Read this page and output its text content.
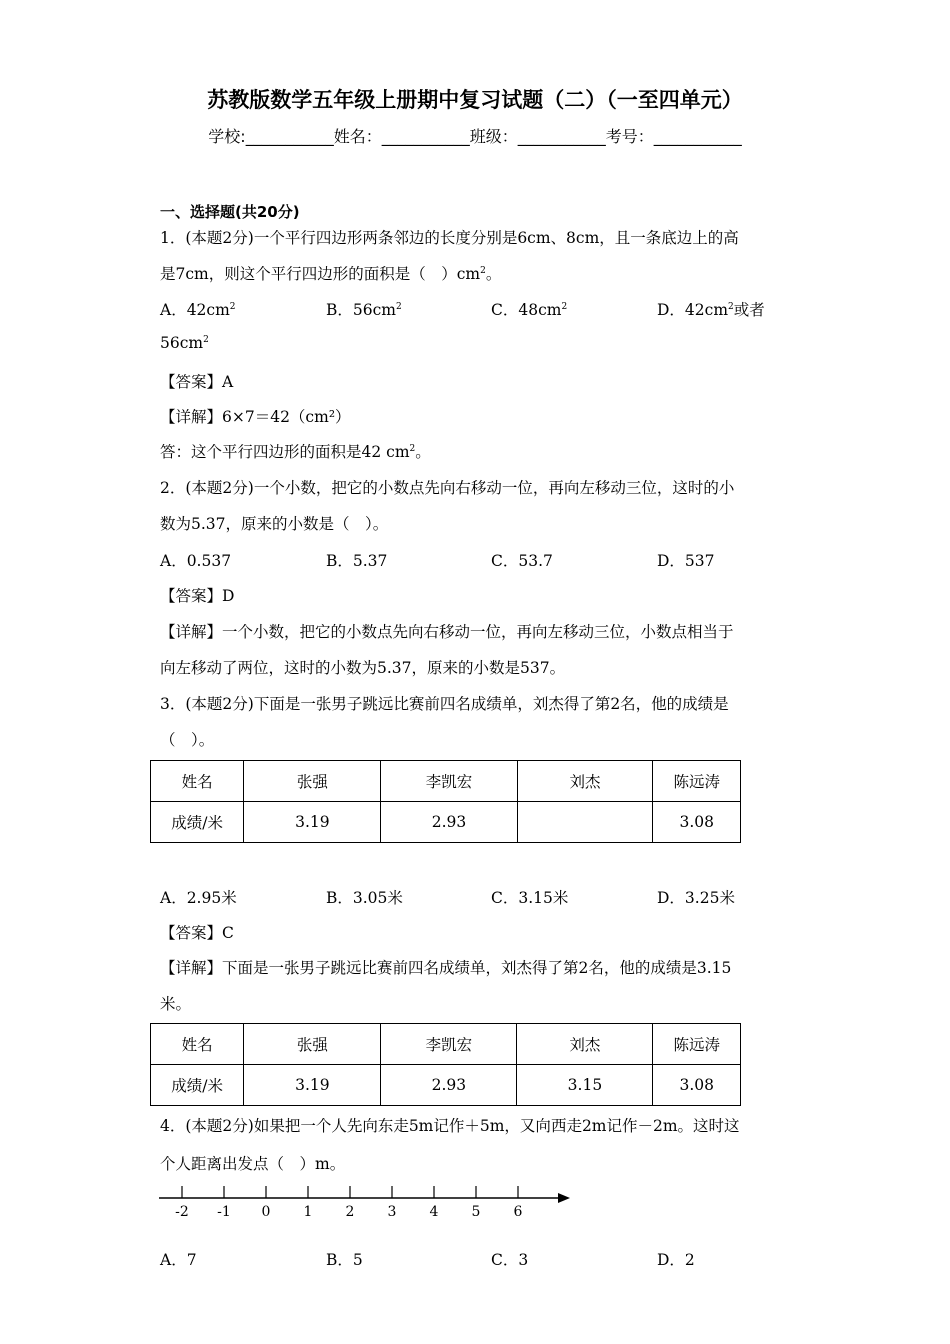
苏教版数学五年级上册期中复习试题（二）（一至四单元）
学校:___________姓名：___________班级：___________考号：___________
一、选择题(共20分)
1．(本题2分)一个平行四边形两条邻边的长度分别是6cm、8cm，且一条底边上的高
是7cm，则这个平行四边形的面积是（　）$cm^2$。
A．$42cm^2$	B．$56cm^2$	C．$48cm^2$	D．$42cm^2$或者
$56cm^2$
【答案】A
【详解】6×7＝42（cm²）
答：这个平行四边形的面积是42 $cm^2$。
2．(本题2分)一个小数，把它的小数点先向右移动一位，再向左移动三位，这时的小
数为5.37，原来的小数是（　）。
A．0.537	B．5.37	C．53.7	D．537
【答案】D
【详解】一个小数，把它的小数点先向右移动一位，再向左移动三位，小数点相当于
向左移动了两位，这时的小数为5.37，原来的小数是537。
3．(本题2分)下面是一张男子跳远比赛前四名成绩单，刘杰得了第2名，他的成绩是
（　）。
姓名	张强	李凯宏	刘杰	陈远涛
成绩/米	3.19	2.93		3.08
A．2.95米	B．3.05米	C．3.15米	D．3.25米
【答案】C
【详解】下面是一张男子跳远比赛前四名成绩单，刘杰得了第2名，他的成绩是3.15
米。
姓名	张强	李凯宏	刘杰	陈远涛
成绩/米	3.19	2.93	3.15	3.08
4．(本题2分)如果把一个人先向东走5m记作＋5m，又向西走2m记作－2m。这时这
个人距离出发点（　）m。
-2 -1 0 1 2 3 4 5 6
A．7	B．5	C．3	D．2
